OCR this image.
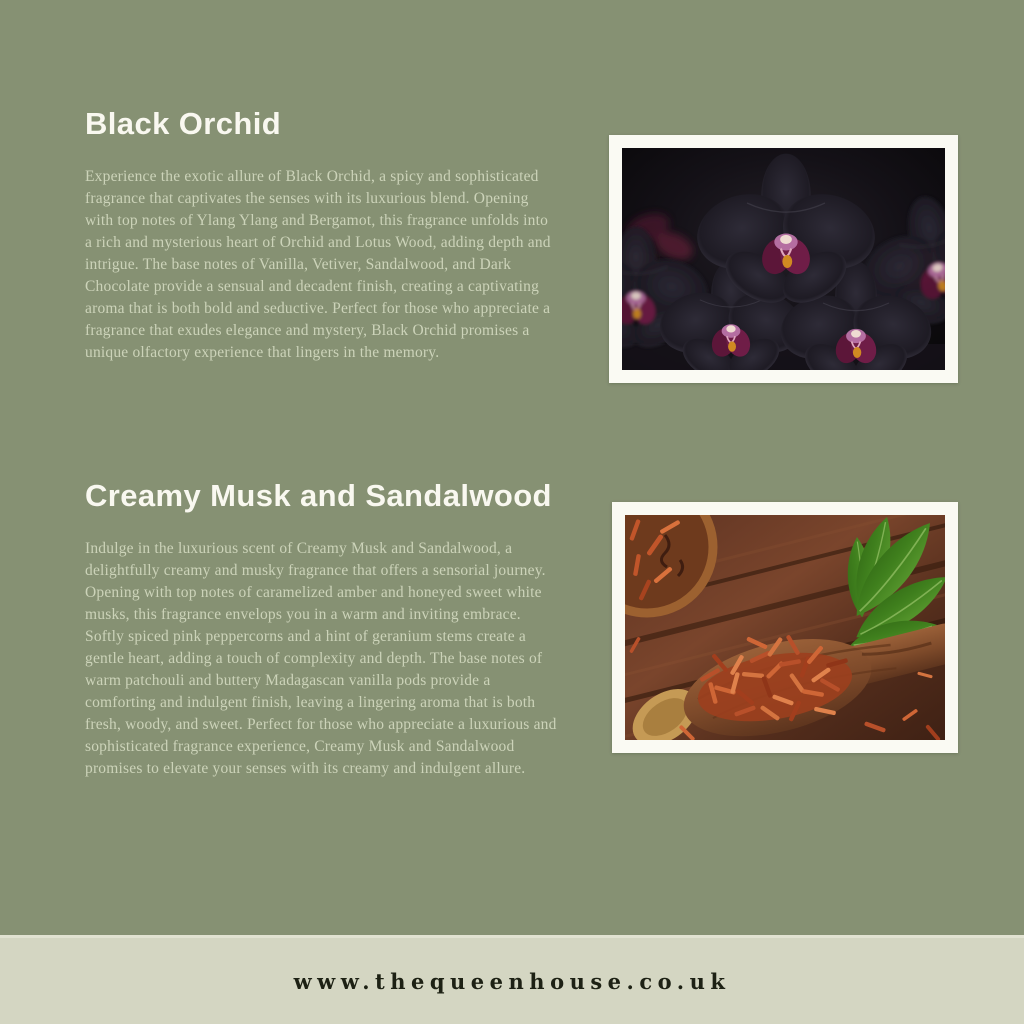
Black Orchid

Experience the exotic allure of Black Orchid, a spicy and sophisticated fragrance that captivates the senses with its luxurious blend. Opening with top notes of Ylang Ylang and Bergamot, this fragrance unfolds into a rich and mysterious heart of Orchid and Lotus Wood, adding depth and intrigue. The base notes of Vanilla, Vetiver, Sandalwood, and Dark Chocolate provide a sensual and decadent finish, creating a captivating aroma that is both bold and seductive. Perfect for those who appreciate a fragrance that exudes elegance and mystery, Black Orchid promises a unique olfactory experience that lingers in the memory.

Creamy Musk and Sandalwood

Indulge in the luxurious scent of Creamy Musk and Sandalwood, a delightfully creamy and musky fragrance that offers a sensorial journey. Opening with top notes of caramelized amber and honeyed sweet white musks, this fragrance envelops you in a warm and inviting embrace. Softly spiced pink peppercorns and a hint of geranium stems create a gentle heart, adding a touch of complexity and depth. The base notes of warm patchouli and buttery Madagascan vanilla pods provide a comforting and indulgent finish, leaving a lingering aroma that is both fresh, woody, and sweet. Perfect for those who appreciate a luxurious and sophisticated fragrance experience, Creamy Musk and Sandalwood promises to elevate your senses with its creamy and indulgent allure.

www.thequeenhouse.co.uk
